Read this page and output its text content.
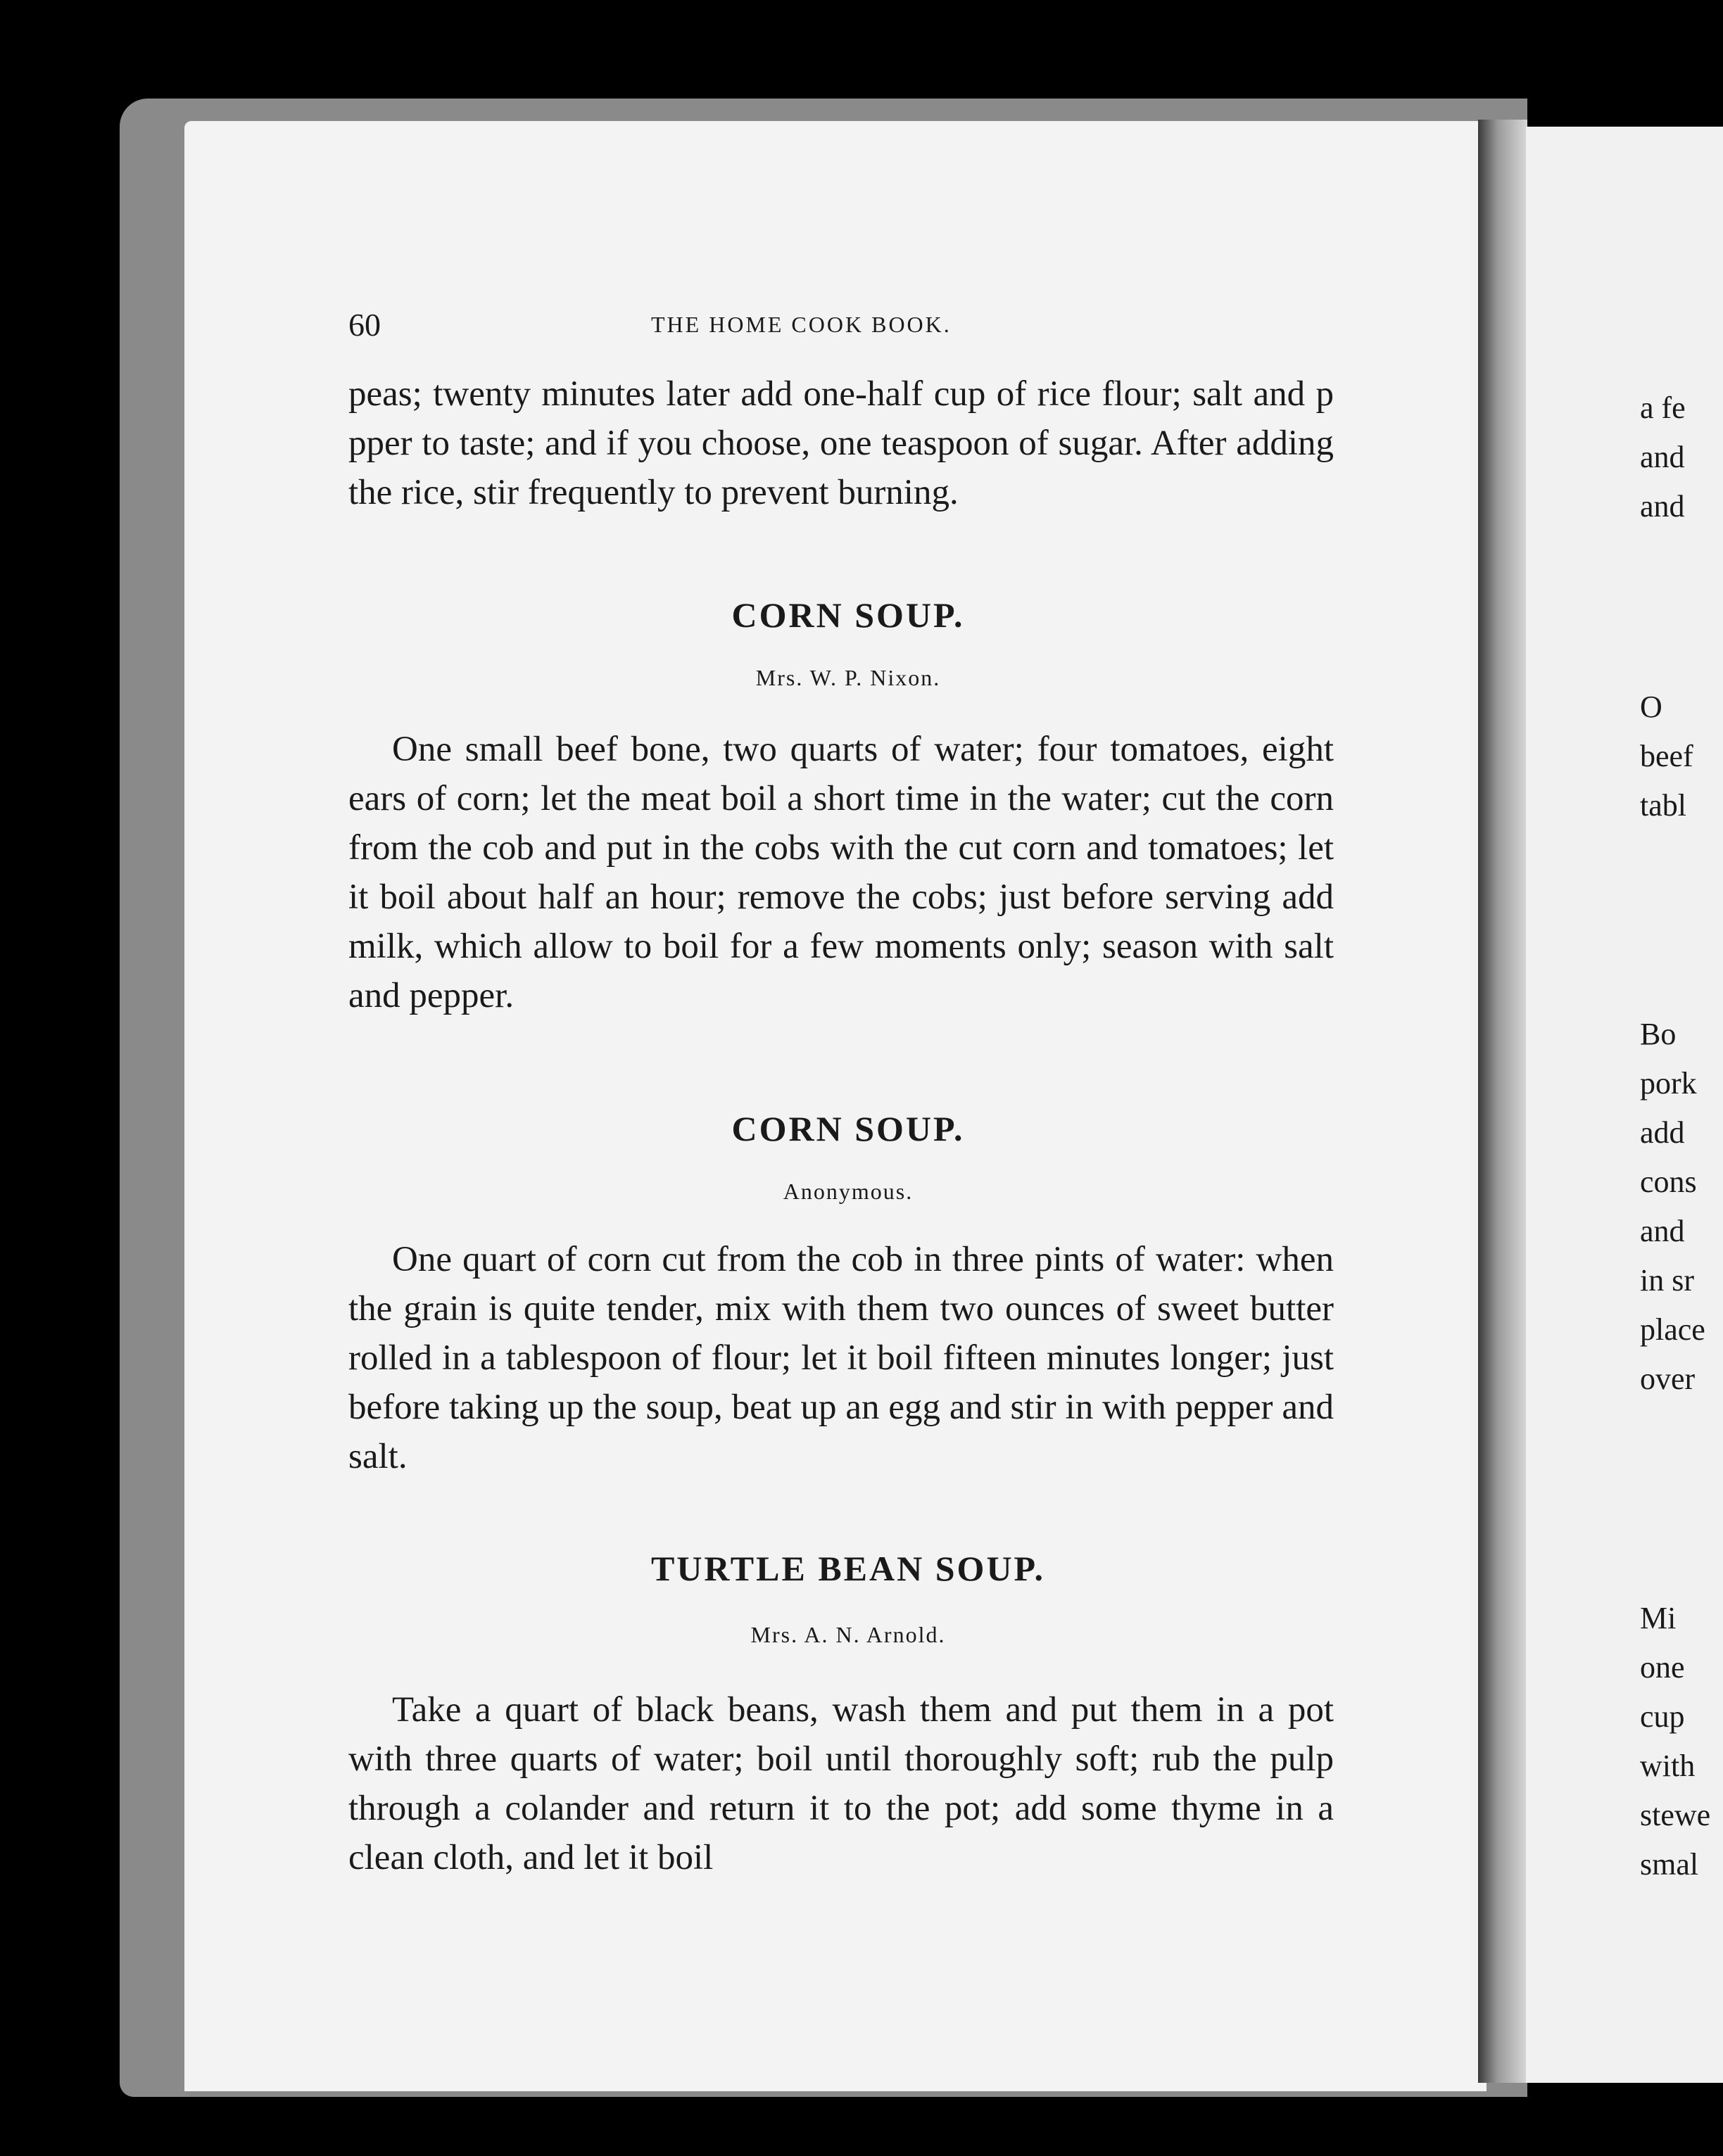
60	THE HOME COOK BOOK.

peas; twenty minutes later add one-half cup of rice flour; salt and p pper to taste; and if you choose, one teaspoon of sugar. After adding the rice, stir frequently to prevent burning.

CORN SOUP.

Mrs. W. P. Nixon.

One small beef bone, two quarts of water; four tomatoes, eight ears of corn; let the meat boil a short time in the water; cut the corn from the cob and put in the cobs with the cut corn and tomatoes; let it boil about half an hour; remove the cobs; just before serving add milk, which allow to boil for a few moments only; season with salt and pepper.

CORN SOUP.

Anonymous.

One quart of corn cut from the cob in three pints of water: when the grain is quite tender, mix with them two ounces of sweet butter rolled in a tablespoon of flour; let it boil fifteen minutes longer; just before taking up the soup, beat up an egg and stir in with pepper and salt.

TURTLE BEAN SOUP.

Mrs. A. N. Arnold.

Take a quart of black beans, wash them and put them in a pot with three quarts of water; boil until thoroughly soft; rub the pulp through a colander and return it to the pot; add some thyme in a clean cloth, and let it boil

a fe
and
and
O
beef
tabl
Bo
pork
add
cons
and
in sr
place
over
Mi
one
cup
with
stewe
smal
